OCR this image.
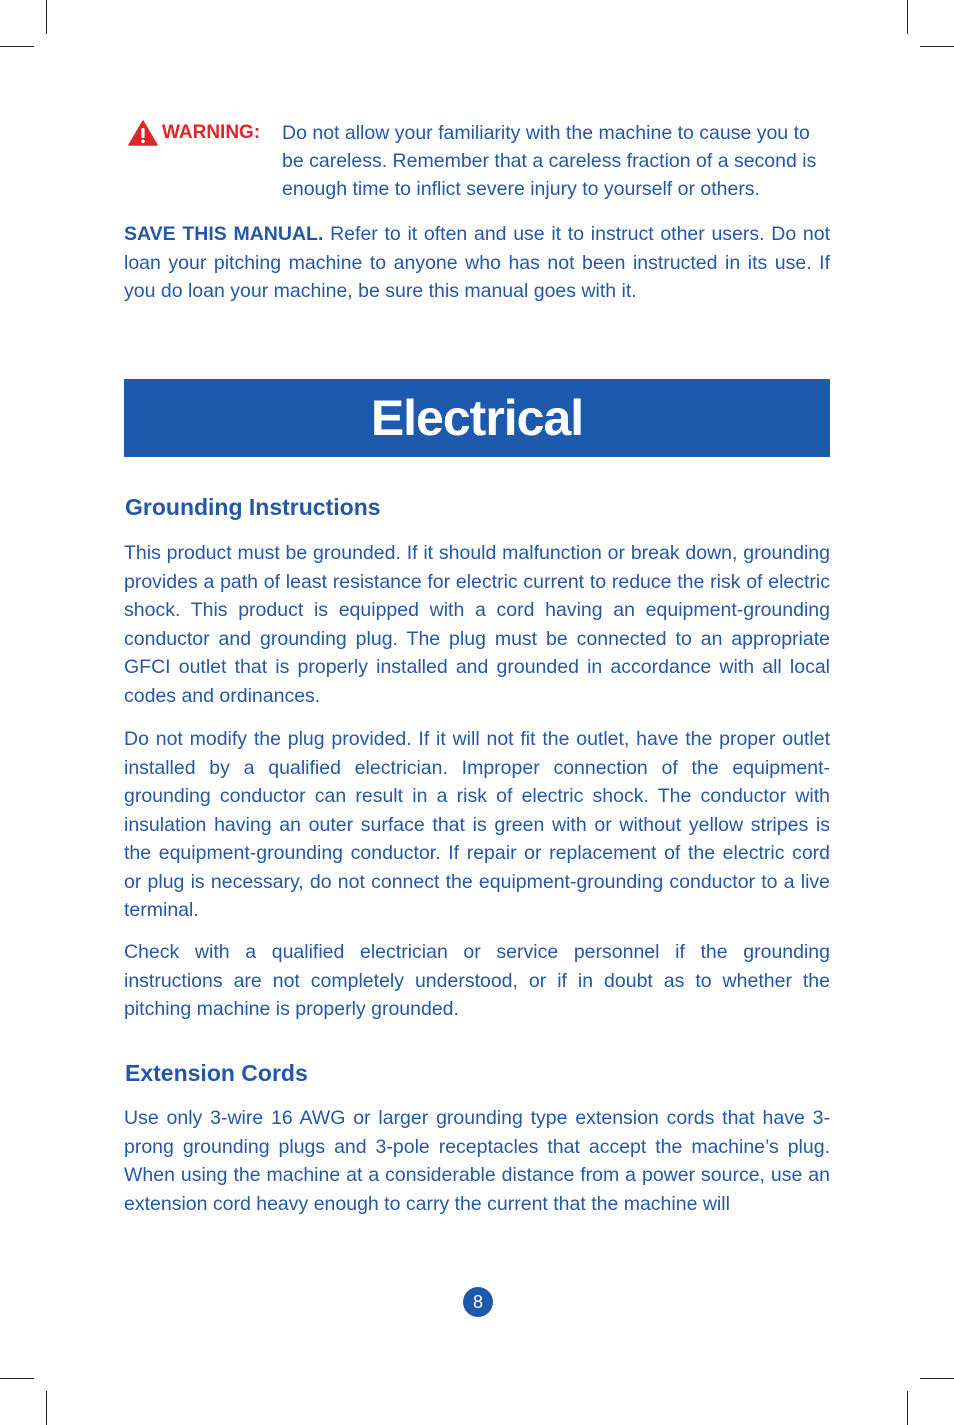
WARNING: Do not allow your familiarity with the machine to cause you to be careless. Remember that a careless fraction of a second is enough time to inflict severe injury to yourself or others.

SAVE THIS MANUAL. Refer to it often and use it to instruct other users. Do not loan your pitching machine to anyone who has not been instructed in its use. If you do loan your machine, be sure this manual goes with it.

Electrical
Grounding Instructions

This product must be grounded. If it should malfunction or break down, grounding provides a path of least resistance for electric current to reduce the risk of electric shock. This product is equipped with a cord having an equipment-grounding conductor and grounding plug. The plug must be connected to an appropriate GFCI outlet that is properly installed and grounded in accordance with all local codes and ordinances.

Do not modify the plug provided. If it will not fit the outlet, have the proper outlet installed by a qualified electrician. Improper connection of the equipment-grounding conductor can result in a risk of electric shock. The conductor with insulation having an outer surface that is green with or without yellow stripes is the equipment-grounding conductor. If repair or replacement of the electric cord or plug is necessary, do not connect the equipment-grounding conductor to a live terminal.

Check with a qualified electrician or service personnel if the grounding instructions are not completely understood, or if in doubt as to whether the pitching machine is properly grounded.

Extension Cords

Use only 3-wire 16 AWG or larger grounding type extension cords that have 3-prong grounding plugs and 3-pole receptacles that accept the machine’s plug. When using the machine at a considerable distance from a power source, use an extension cord heavy enough to carry the current that the machine will

8
